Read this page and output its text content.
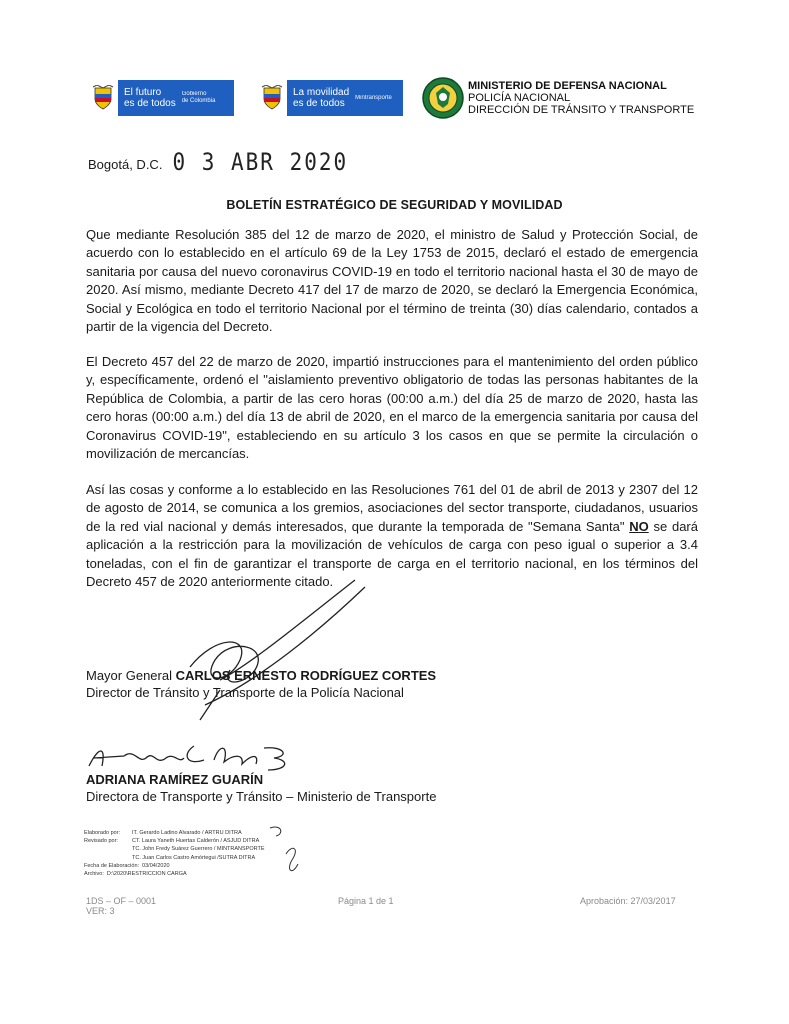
El futuro
es de todos
Gobierno
de Colombia
La movilidad
es de todos
Mintransporte
MINISTERIO DE DEFENSA NACIONAL
POLICÍA NACIONAL
DIRECCIÓN DE TRÁNSITO Y TRANSPORTE
Bogotá, D.C. 0 3 ABR 2020
BOLETÍN ESTRATÉGICO DE SEGURIDAD Y MOVILIDAD
Que mediante Resolución 385 del 12 de marzo de 2020, el ministro de Salud y Protección Social, de acuerdo con lo establecido en el artículo 69 de la Ley 1753 de 2015, declaró el estado de emergencia sanitaria por causa del nuevo coronavirus COVID-19 en todo el territorio nacional hasta el 30 de mayo de 2020. Así mismo, mediante Decreto 417 del 17 de marzo de 2020, se declaró la Emergencia Económica, Social y Ecológica en todo el territorio Nacional por el término de treinta (30) días calendario, contados a partir de la vigencia del Decreto.
El Decreto 457 del 22 de marzo de 2020, impartió instrucciones para el mantenimiento del orden público y, específicamente, ordenó el "aislamiento preventivo obligatorio de todas las personas habitantes de la República de Colombia, a partir de las cero horas (00:00 a.m.) del día 25 de marzo de 2020, hasta las cero horas (00:00 a.m.) del día 13 de abril de 2020, en el marco de la emergencia sanitaria por causa del Coronavirus COVID-19", estableciendo en su artículo 3 los casos en que se permite la circulación o movilización de mercancías.
Así las cosas y conforme a lo establecido en las Resoluciones 761 del 01 de abril de 2013 y 2307 del 12 de agosto de 2014, se comunica a los gremios, asociaciones del sector transporte, ciudadanos, usuarios de la red vial nacional y demás interesados, que durante la temporada de "Semana Santa" NO se dará aplicación a la restricción para la movilización de vehículos de carga con peso igual o superior a 3.4 toneladas, con el fin de garantizar el transporte de carga en el territorio nacional, en los términos del Decreto 457 de 2020 anteriormente citado.
Mayor General CARLOS ERNESTO RODRÍGUEZ CORTES
Director de Tránsito y Transporte de la Policía Nacional
ADRIANA RAMÍREZ GUARÍN
Directora de Transporte y Tránsito – Ministerio de Transporte
Elaborado por:	IT. Gerardo Ladino Alvarado / ARTRU DITRA
Revisado por:	CT. Laura Yaneth Huertas Calderón / ASJUD DITRA
TC. John Fredy Suárez Guerrero / MINTRANSPORTE
TC. Juan Carlos Castro Amórtegui /SUTRA DITRA
Fecha de Elaboración: 03/04/2020
Archivo: D:\2020\RESTRICCION CARGA
1DS – OF – 0001
VER: 3
Página 1 de 1	Aprobación: 27/03/2017
